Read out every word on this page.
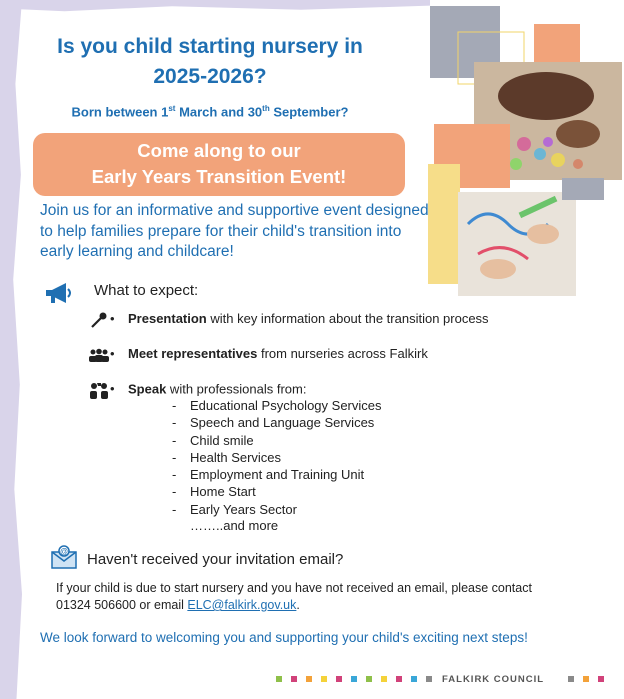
Is you child starting nursery in
2025-2026?
Born between 1st March and 30th September?
Come along to our
Early Years Transition Event!
Join us for an informative and supportive event designed to help families prepare for their child's transition into early learning and childcare!
What to expect:
• Presentation with key information about the transition process
• Meet representatives from nurseries across Falkirk
• Speak with professionals from:
- Educational Psychology Services
- Speech and Language Services
- Child smile
- Health Services
- Employment and Training Unit
- Home Start
- Early Years Sector
……..and more
@ Haven't received your invitation email?
If your child is due to start nursery and you have not received an email, please contact 01324 506600 or email ELC@falkirk.gov.uk.
We look forward to welcoming you and supporting your child's exciting next steps!
FALKIRK COUNCIL
